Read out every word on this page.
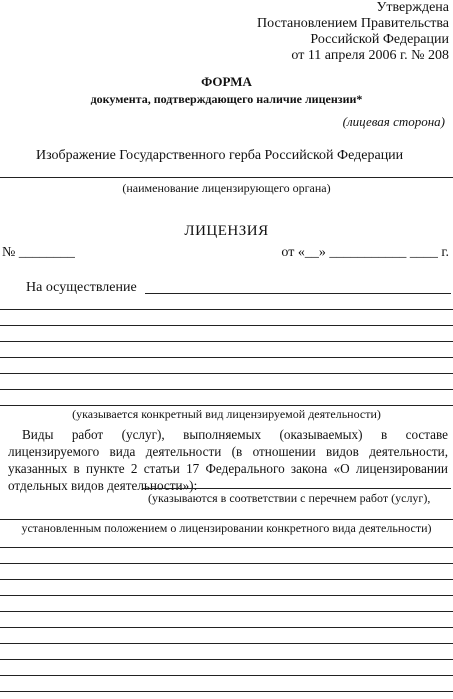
Утверждена
Постановлением Правительства
Российской Федерации
от 11 апреля 2006 г. № 208
ФОРМА
документа, подтверждающего наличие лицензии*
(лицевая сторона)
Изображение Государственного герба Российской Федерации
(наименование лицензирующего органа)
ЛИЦЕНЗИЯ
№ ________	от «__» ___________ ____ г.
На осуществление
(указывается конкретный вид лицензируемой деятельности)
Виды работ (услуг), выполняемых (оказываемых) в составе лицензируемого вида деятельности (в отношении видов деятельности, указанных в пункте 2 статьи 17 Федерального закона «О лицензировании отдельных видов деятельности»):
(указываются в соответствии с перечнем работ (услуг),
установленным положением о лицензировании конкретного вида деятельности)
